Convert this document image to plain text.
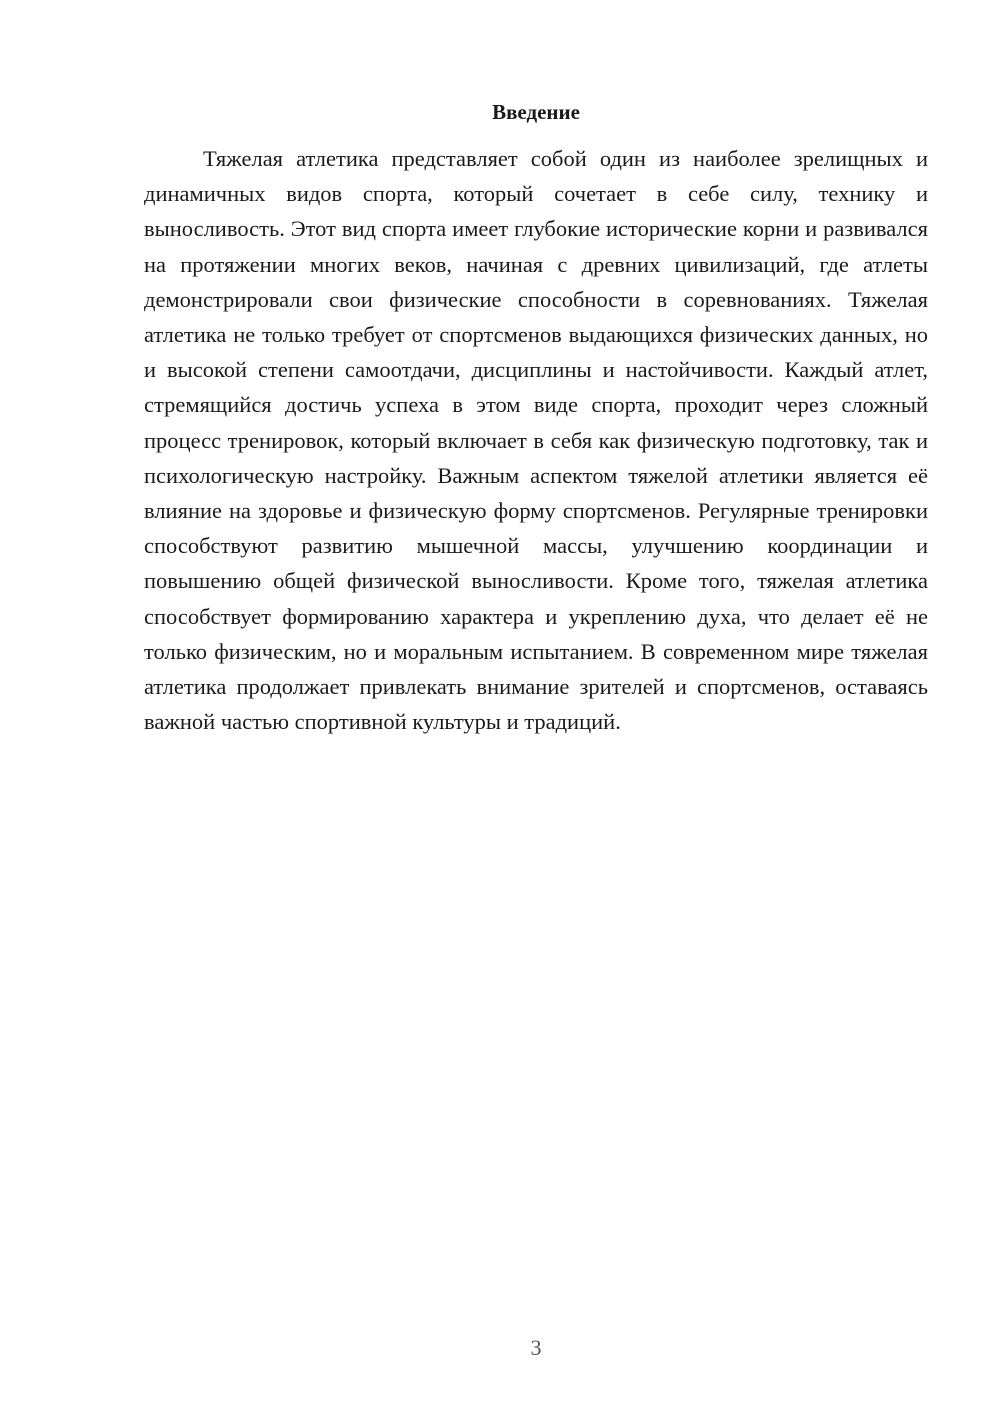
Введение

Тяжелая атлетика представляет собой один из наиболее зрелищных и динамичных видов спорта, который сочетает в себе силу, технику и выносливость. Этот вид спорта имеет глубокие исторические корни и развивался на протяжении многих веков, начиная с древних цивилизаций, где атлеты демонстрировали свои физические способности в соревнованиях. Тяжелая атлетика не только требует от спортсменов выдающихся физических данных, но и высокой степени самоотдачи, дисциплины и настойчивости. Каждый атлет, стремящийся достичь успеха в этом виде спорта, проходит через сложный процесс тренировок, который включает в себя как физическую подготовку, так и психологическую настройку. Важным аспектом тяжелой атлетики является её влияние на здоровье и физическую форму спортсменов. Регулярные тренировки способствуют развитию мышечной массы, улучшению координации и повышению общей физической выносливости. Кроме того, тяжелая атлетика способствует формированию характера и укреплению духа, что делает её не только физическим, но и моральным испытанием. В современном мире тяжелая атлетика продолжает привлекать внимание зрителей и спортсменов, оставаясь важной частью спортивной культуры и традиций.

3
